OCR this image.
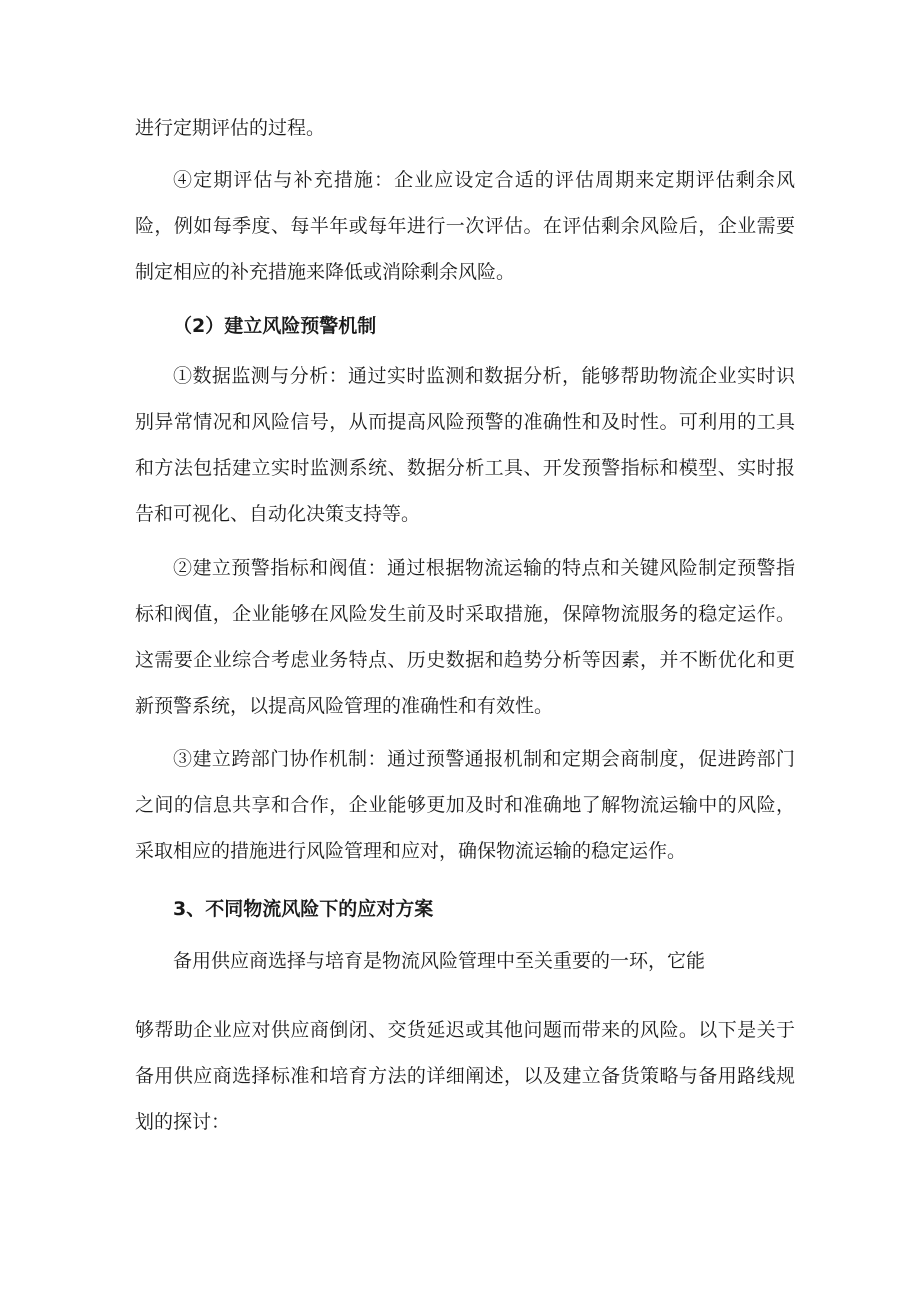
进行定期评估的过程。

④定期评估与补充措施：企业应设定合适的评估周期来定期评估剩余风险，例如每季度、每半年或每年进行一次评估。在评估剩余风险后，企业需要制定相应的补充措施来降低或消除剩余风险。

（2）建立风险预警机制

①数据监测与分析：通过实时监测和数据分析，能够帮助物流企业实时识别异常情况和风险信号，从而提高风险预警的准确性和及时性。可利用的工具和方法包括建立实时监测系统、数据分析工具、开发预警指标和模型、实时报告和可视化、自动化决策支持等。

②建立预警指标和阀值：通过根据物流运输的特点和关键风险制定预警指标和阀值，企业能够在风险发生前及时采取措施，保障物流服务的稳定运作。这需要企业综合考虑业务特点、历史数据和趋势分析等因素，并不断优化和更新预警系统，以提高风险管理的准确性和有效性。

③建立跨部门协作机制：通过预警通报机制和定期会商制度，促进跨部门之间的信息共享和合作，企业能够更加及时和准确地了解物流运输中的风险，采取相应的措施进行风险管理和应对，确保物流运输的稳定运作。

3、不同物流风险下的应对方案

备用供应商选择与培育是物流风险管理中至关重要的一环，它能

够帮助企业应对供应商倒闭、交货延迟或其他问题而带来的风险。以下是关于备用供应商选择标准和培育方法的详细阐述，以及建立备货策略与备用路线规划的探讨：
